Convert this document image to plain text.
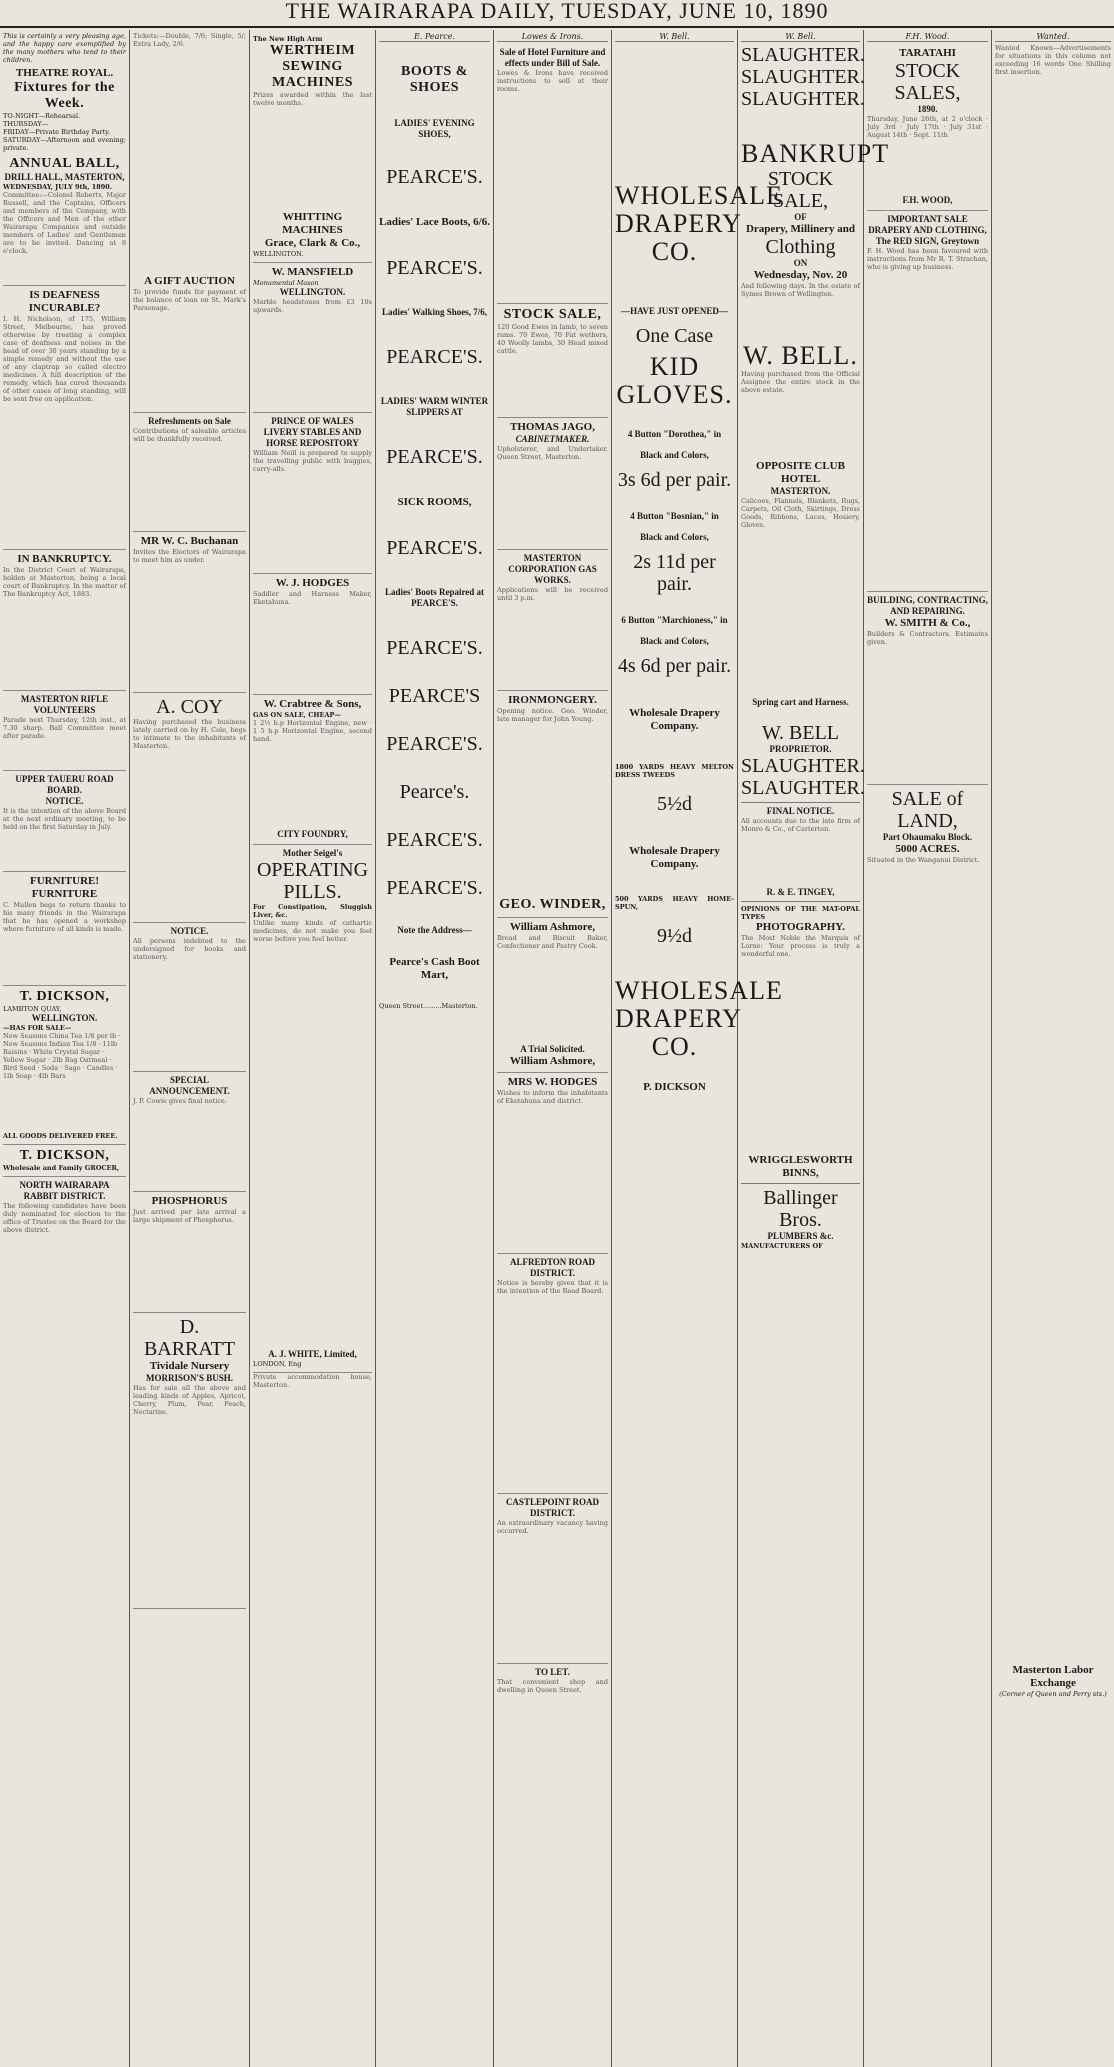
THE WAIRARAPA DAILY, TUESDAY, JUNE 10, 1890
This is certainly a very pleasing age, and the happy care exemplified by the many mothers who tend to their children.
THEATRE ROYAL.
Fixtures for the Week.
TO-NIGHT—Rehearsal.
THURSDAY—
FRIDAY—Private Birthday Party.
SATURDAY—Afternoon and evening; private.
ANNUAL BALL,
DRILL HALL, MASTERTON,
WEDNESDAY, JULY 9th, 1890.
Committee:—Colonel Roberts, Major Russell, and the Captains, Officers and members of the Company, with the Officers and Men of the other Wairarapa Companies and outside members of Ladies' and Gentlemen are to be invited. Dancing at 8 o'clock.
IS DEAFNESS INCURABLE?
I. H. Nicholson, of 175, William Street, Melbourne, has proved otherwise by treating a complex case of deafness and noises in the head of over 30 years standing by a simple remedy and without the use of any claptrap so called electro medicines. A full description of the remedy, which has cured thousands of other cases of long standing, will be sent free on application.
IN BANKRUPTCY.
In the District Court of Wairarapa, holden at Masterton, being a local court of Bankruptcy. In the matter of The Bankruptcy Act, 1883.
MASTERTON RIFLE VOLUNTEERS
Parade next Thursday, 12th inst., at 7.30 sharp. Ball Committee meet after parade.
UPPER TAUERU ROAD BOARD.
NOTICE.
It is the intention of the above Board at the next ordinary meeting, to be held on the first Saturday in July.
FURNITURE!
FURNITURE
C. Mullen begs to return thanks to his many friends in the Wairarapa that he has opened a workshop where furniture of all kinds is made.
T. DICKSON,
LAMBTON QUAY,
WELLINGTON.
—HAS FOR SALE—
New Seasons China Tea 1/8 per lb · New Seasons Indian Tea 1/8 · 11lb Raisins · White Crystal Sugar · Yellow Sugar · 2lb Bag Oatmeal · Bird Seed · Soda · Sago · Candles · 1lb Soap · 4lb Bars
ALL GOODS DELIVERED FREE.
T. DICKSON,
Wholesale and Family GROCER,
NORTH WAIRARAPA RABBIT DISTRICT.
The following candidates have been duly nominated for election to the office of Trustee on the Board for the above district.
Tickets:—Double, 7/6; Single, 5/; Extra Lady, 2/6.
A GIFT AUCTION
To provide funds for payment of the balance of loan on St. Mark's Parsonage.
Refreshments on Sale
Contributions of saleable articles will be thankfully received.
MR W. C. Buchanan
Invites the Electors of Wairarapa to meet him as under.
A. COY
Having purchased the business lately carried on by H. Cole, begs to intimate to the inhabitants of Masterton.
NOTICE.
All persons indebted to the undersigned for books and stationery.
SPECIAL ANNOUNCEMENT.
J. P. Cowie gives final notice.
PHOSPHORUS
Just arrived per late arrival a large shipment of Phosphorus.
D. BARRATT
Tividale Nursery
MORRISON'S BUSH.
Has for sale all the above and leading kinds of Apples, Apricot, Cherry, Plum, Pear, Peach, Nectarine.
The New High Arm
WERTHEIM SEWING MACHINES
Prizes awarded within the last twelve months.
WHITTING MACHINES
Grace, Clark & Co.,
WELLINGTON.
W. MANSFIELD
Monumental Mason
WELLINGTON.
Marble headstones from £3 10s upwards.
PRINCE OF WALES LIVERY STABLES AND HORSE REPOSITORY
William Neill is prepared to supply the travelling public with buggies, carry-alls.
W. J. HODGES
Saddler and Harness Maker, Eketahuna.
W. Crabtree & Sons,
GAS ON SALE, CHEAP—
1 2½ h.p Horizontal Engine, new · 1 5 h.p Horizontal Engine, second hand.
CITY FOUNDRY,
Mother Seigel's
OPERATING
PILLS.
For Constipation, Sluggish Liver, &c.
Unlike many kinds of cathartic medicines, do not make you feel worse before you feel better.
A. J. WHITE, Limited,
LONDON, Eng
Private accommodation house, Masterton.
E. Pearce.
BOOTS & SHOES
LADIES' EVENING SHOES,
PEARCE'S.
Ladies' Lace Boots, 6/6.
PEARCE'S.
Ladies' Walking Shoes, 7/6,
PEARCE'S.
LADIES' WARM WINTER SLIPPERS AT
PEARCE'S.
SICK ROOMS,
PEARCE'S.
Ladies' Boots Repaired at PEARCE'S.
PEARCE'S.
PEARCE'S
PEARCE'S.
Pearce's.
PEARCE'S.
PEARCE'S.
Note the Address—
Pearce's Cash Boot Mart,
Queen Street.........Masterton.
Lowes & Irons.
Sale of Hotel Furniture and effects under Bill of Sale.
Lowes & Irons have received instructions to sell at their rooms.
STOCK SALE,
120 Good Ewes in lamb, to seven rams. 70 Ewes, 70 Fat wethers, 40 Woolly lambs, 30 Head mixed cattle.
THOMAS JAGO,
CABINETMAKER.
Upholsterer, and Undertaker. Queen Street, Masterton.
MASTERTON CORPORATION GAS WORKS.
Applications will be received until 3 p.m.
IRONMONGERY.
Opening notice. Geo. Winder, late manager for John Young.
GEO. WINDER,
William Ashmore,
Bread and Biscuit Baker, Confectioner and Pastry Cook.
A Trial Solicited.
William Ashmore,
MRS W. HODGES
Wishes to inform the inhabitants of Eketahuna and district.
ALFREDTON ROAD DISTRICT.
Notice is hereby given that it is the intention of the Road Board.
CASTLEPOINT ROAD DISTRICT.
An extraordinary vacancy having occurred.
TO LET.
That convenient shop and dwelling in Queen Street.
W. Bell.
WHOLESALE
DRAPERY
CO.
—HAVE JUST OPENED—
One Case
KID GLOVES.
4 Button "Dorothea," in
Black and Colors,
3s 6d per pair.
4 Button "Bosnian," in
Black and Colors,
2s 11d per pair.
6 Button "Marchioness," in
Black and Colors,
4s 6d per pair.
Wholesale Drapery Company.
1800 YARDS HEAVY MELTON DRESS TWEEDS
5½d
Wholesale Drapery Company.
500 YARDS HEAVY HOME-SPUN,
9½d
WHOLESALE
DRAPERY
CO.
P. DICKSON
W. Bell.
SLAUGHTER.
SLAUGHTER.
SLAUGHTER.
BANKRUPT
STOCK SALE,
OF
Drapery, Millinery and
Clothing
ON
Wednesday, Nov. 20
And following days. In the estate of Symes Brown of Wellington.
W. BELL.
Having purchased from the Official Assignee the entire stock in the above estate.
OPPOSITE CLUB HOTEL
MASTERTON.
Calicoes, Flannels, Blankets, Rugs, Carpets, Oil Cloth, Skirtings, Dress Goods, Ribbons, Laces, Hosiery, Gloves.
Spring cart and Harness.
W. BELL
PROPRIETOR.
SLAUGHTER.
SLAUGHTER.
FINAL NOTICE.
All accounts due to the late firm of Monro & Co., of Carterton.
R. & E. TINGEY,
OPINIONS OF THE MAT-OPAL TYPES
PHOTOGRAPHY.
The Most Noble the Marquis of Lorne: Your process is truly a wonderful one.
WRIGGLESWORTH
BINNS,
Ballinger Bros.
PLUMBERS &c.
MANUFACTURERS OF
F.H. Wood.
TARATAHI
STOCK SALES,
1890.
Thursday, June 26th, at 2 o'clock · July 3rd · July 17th · July 31st · August 14th · Sept. 11th
F.H. WOOD,
IMPORTANT SALE
DRAPERY AND CLOTHING,
The RED SIGN, Greytown
F. H. Wood has been favoured with instructions from Mr R. T. Strachan, who is giving up business.
BUILDING, CONTRACTING, AND REPAIRING.
W. SMITH & Co.,
Builders & Contractors. Estimates given.
SALE of LAND,
Part Ohaumaku Block.
5000 ACRES.
Situated in the Wanganui District.
Wanted.
Wanted Known—Advertisements for situations in this column not exceeding 16 words One Shilling first insertion.
Masterton Labor Exchange
(Corner of Queen and Perry sts.)
